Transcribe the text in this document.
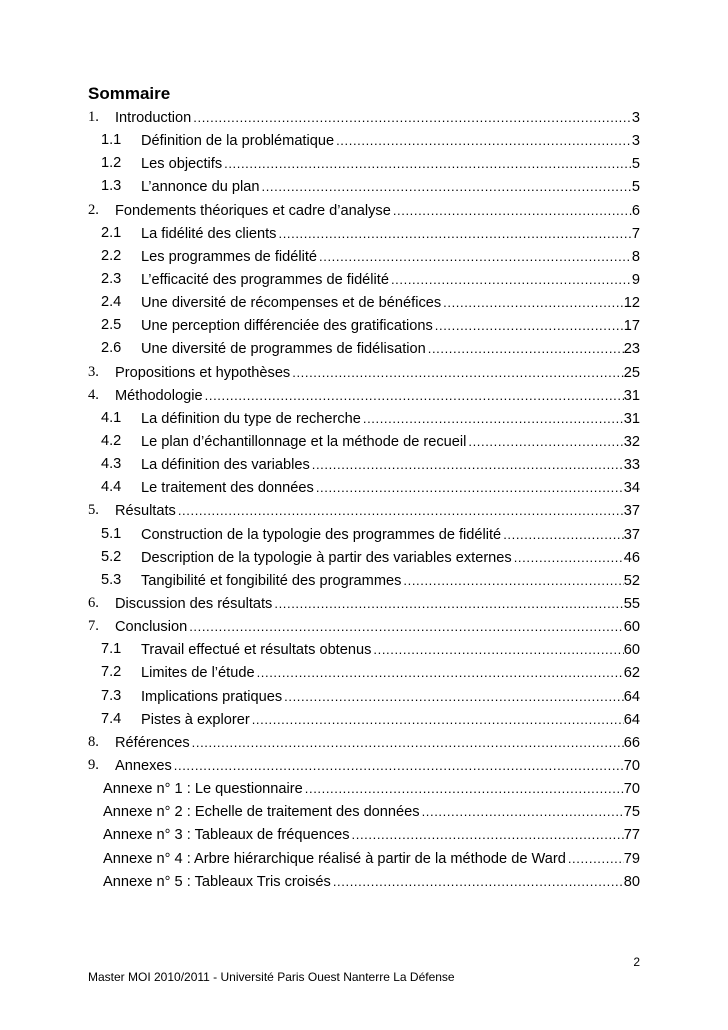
Sommaire
1. Introduction .....	3
1.1 Définition de la problématique .....	3
1.2 Les objectifs .....	5
1.3 L’annonce du plan .....	5
2. Fondements théoriques et cadre d’analyse .....	6
2.1 La fidélité des clients .....	7
2.2 Les programmes de fidélité .....	8
2.3 L’efficacité des programmes de fidélité .....	9
2.4 Une diversité de récompenses et de bénéfices .....	12
2.5 Une perception différenciée des gratifications .....	17
2.6 Une diversité de programmes de fidélisation .....	23
3. Propositions et hypothèses .....	25
4. Méthodologie .....	31
4.1 La définition du type de recherche .....	31
4.2 Le plan d’échantillonnage et la méthode de recueil .....	32
4.3 La définition des variables .....	33
4.4 Le traitement des données .....	34
5. Résultats .....	37
5.1 Construction de la typologie des programmes de fidélité .....	37
5.2 Description de la typologie à partir des variables externes .....	46
5.3 Tangibilité et fongibilité des programmes .....	52
6. Discussion des résultats .....	55
7. Conclusion .....	60
7.1 Travail effectué et résultats obtenus .....	60
7.2 Limites de l’étude .....	62
7.3 Implications pratiques .....	64
7.4 Pistes à explorer .....	64
8. Références .....	66
9. Annexes .....	70
Annexe n° 1 : Le questionnaire .....	70
Annexe n° 2 : Echelle de traitement des données .....	75
Annexe n° 3 : Tableaux de fréquences .....	77
Annexe n° 4 : Arbre hiérarchique réalisé à partir de la méthode de Ward .....	79
Annexe n° 5 : Tableaux Tris croisés .....	80
2
Master MOI 2010/2011 - Université Paris Ouest Nanterre La Défense
